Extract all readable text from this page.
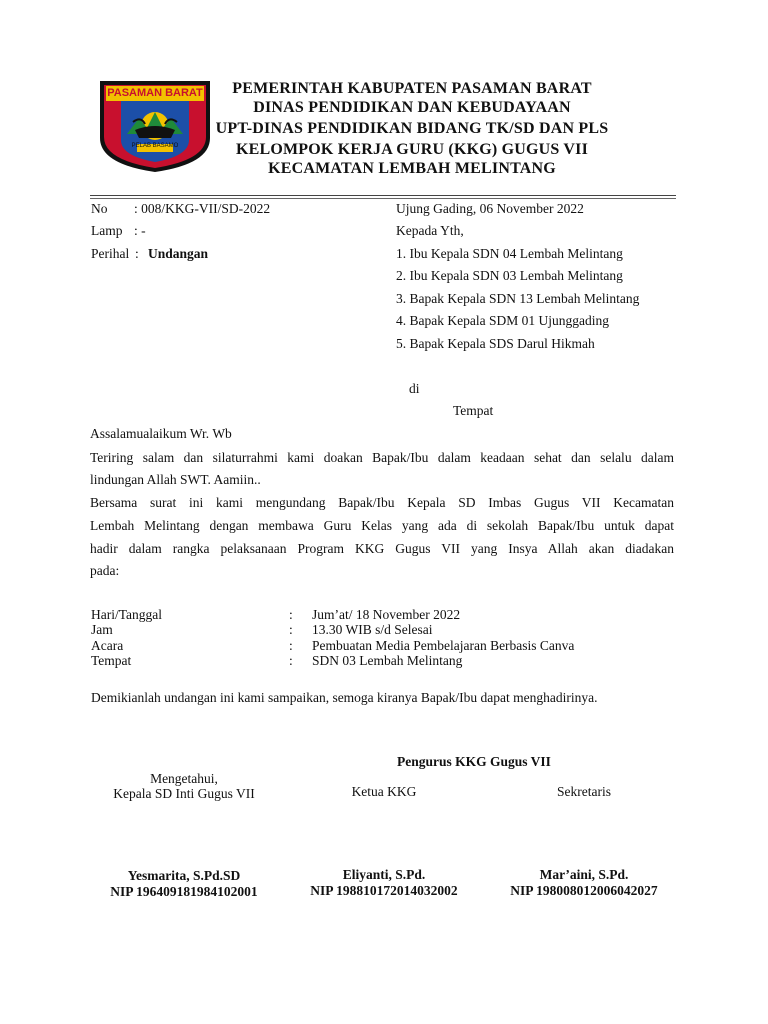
PASAMAN BARAT
PELAB BASAMO
PEMERINTAH KABUPATEN PASAMAN BARAT
DINAS PENDIDIKAN DAN KEBUDAYAAN
UPT-DINAS PENDIDIKAN BIDANG TK/SD DAN PLS
KELOMPOK KERJA GURU (KKG) GUGUS VII
KECAMATAN LEMBAH MELINTANG
No : 008/KKG-VII/SD-2022
Lamp : -
Perihal : Undangan
Ujung Gading, 06 November 2022
Kepada Yth,
1. Ibu Kepala SDN 04 Lembah Melintang
2. Ibu Kepala SDN 03 Lembah Melintang
3. Bapak Kepala SDN 13 Lembah Melintang
4. Bapak Kepala SDM 01 Ujunggading
5. Bapak Kepala SDS Darul Hikmah
di
Tempat
Assalamualaikum Wr. Wb
Teriring salam dan silaturrahmi kami doakan Bapak/Ibu dalam keadaan sehat dan selalu dalam
lindungan Allah SWT. Aamiin..
Bersama surat ini kami mengundang Bapak/Ibu Kepala SD Imbas Gugus VII Kecamatan
Lembah Melintang dengan membawa Guru Kelas yang ada di sekolah Bapak/Ibu untuk dapat
hadir dalam rangka pelaksanaan Program KKG Gugus VII yang Insya Allah akan diadakan
pada:
Hari/Tanggal	: Jum’at/ 18 November 2022
Jam	: 13.30 WIB s/d Selesai
Acara	: Pembuatan Media Pembelajaran Berbasis Canva
Tempat	: SDN 03 Lembah Melintang
Demikianlah undangan ini kami sampaikan, semoga kiranya Bapak/Ibu dapat menghadirinya.
Pengurus KKG Gugus VII
Mengetahui,
Kepala SD Inti Gugus VII	Ketua KKG	Sekretaris
Yesmarita, S.Pd.SD
NIP 196409181984102001
Eliyanti, S.Pd.
NIP 198810172014032002
Mar’aini, S.Pd.
NIP 198008012006042027
